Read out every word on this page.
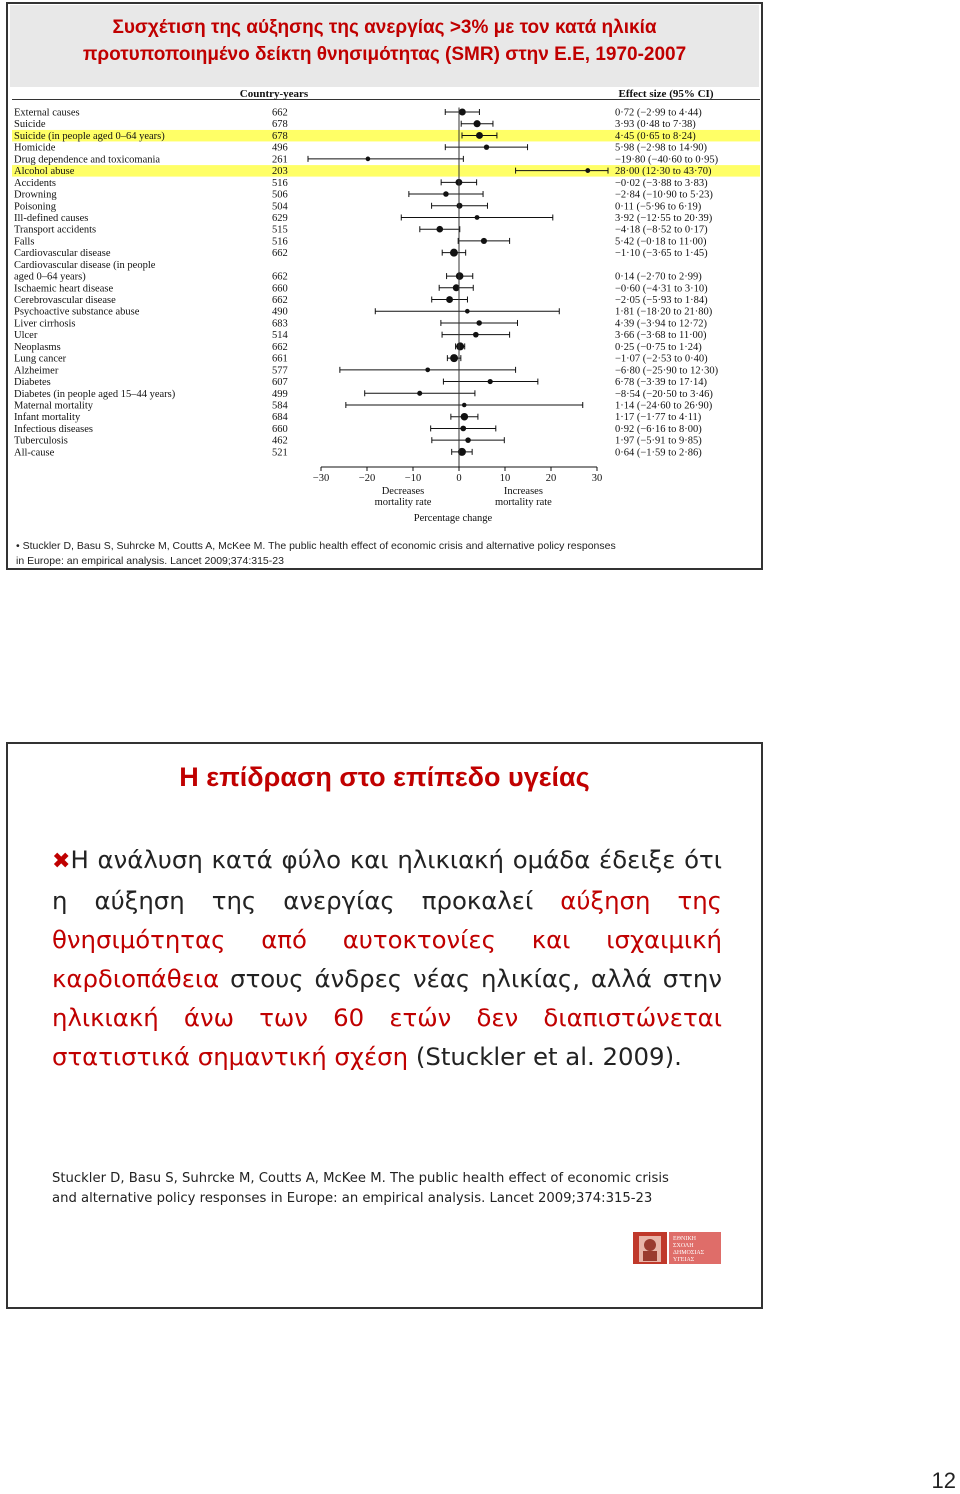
Συσχέτιση της αύξησης της ανεργίας >3% με τον κατά ηλικία
προτυποποιημένο δείκτη θνησιμότητας (SMR) στην Ε.Ε, 1970-2007
Country-years	Effect size (95% CI)
External causes	662	0·72 (−2·99 to 4·44)
Suicide	678	3·93 (0·48 to 7·38)
Suicide (in people aged 0–64 years)	678	4·45 (0·65 to 8·24)
Homicide	496	5·98 (−2·98 to 14·90)
Drug dependence and toxicomania	261	−19·80 (−40·60 to 0·95)
Alcohol abuse	203	28·00 (12·30 to 43·70)
Accidents	516	−0·02 (−3·88 to 3·83)
Drowning	506	−2·84 (−10·90 to 5·23)
Poisoning	504	0·11 (−5·96 to 6·19)
Ill-defined causes	629	3·92 (−12·55 to 20·39)
Transport accidents	515	−4·18 (−8·52 to 0·17)
Falls	516	5·42 (−0·18 to 11·00)
Cardiovascular disease	662	−1·10 (−3·65 to 1·45)
Cardiovascular disease (in people
aged 0–64 years)	662	0·14 (−2·70 to 2·99)
Ischaemic heart disease	660	−0·60 (−4·31 to 3·10)
Cerebrovascular disease	662	−2·05 (−5·93 to 1·84)
Psychoactive substance abuse	490	1·81 (−18·20 to 21·80)
Liver cirrhosis	683	4·39 (−3·94 to 12·72)
Ulcer	514	3·66 (−3·68 to 11·00)
Neoplasms	662	0·25 (−0·75 to 1·24)
Lung cancer	661	−1·07 (−2·53 to 0·40)
Alzheimer	577	−6·80 (−25·90 to 12·30)
Diabetes	607	6·78 (−3·39 to 17·14)
Diabetes (in people aged 15–44 years)	499	−8·54 (−20·50 to 3·46)
Maternal mortality	584	1·14 (−24·60 to 26·90)
Infant mortality	684	1·17 (−1·77 to 4·11)
Infectious diseases	660	0·92 (−6·16 to 8·00)
Tuberculosis	462	1·97 (−5·91 to 9·85)
All-cause	521	0·64 (−1·59 to 2·86)
−30	−20	−10	0	10	20	30
Decreases
mortality rate
Increases
mortality rate
Percentage change
• Stuckler D, Basu S, Suhrcke M, Coutts A, McKee M. The public health effect of economic crisis and alternative policy responses
in Europe: an empirical analysis. Lancet 2009;374:315-23
Η επίδραση στο επίπεδο υγείας
✖Η ανάλυση κατά φύλο και ηλικιακή ομάδα έδειξε ότι η αύξηση της ανεργίας προκαλεί αύξηση της θνησιμότητας από αυτοκτονίες και ισχαιμική καρδιοπάθεια στους άνδρες νέας ηλικίας, αλλά στην ηλικιακή άνω των 60 ετών δεν διαπιστώνεται στατιστικά σημαντική σχέση (Stuckler et al. 2009).
Stuckler D, Basu S, Suhrcke M, Coutts A, McKee M. The public health effect of economic crisis
and alternative policy responses in Europe: an empirical analysis. Lancet 2009;374:315-23
ΕΘΝΙΚΗ
ΣΧΟΛΗ
ΔΗΜΟΣΙΑΣ
ΥΓΕΙΑΣ
12
